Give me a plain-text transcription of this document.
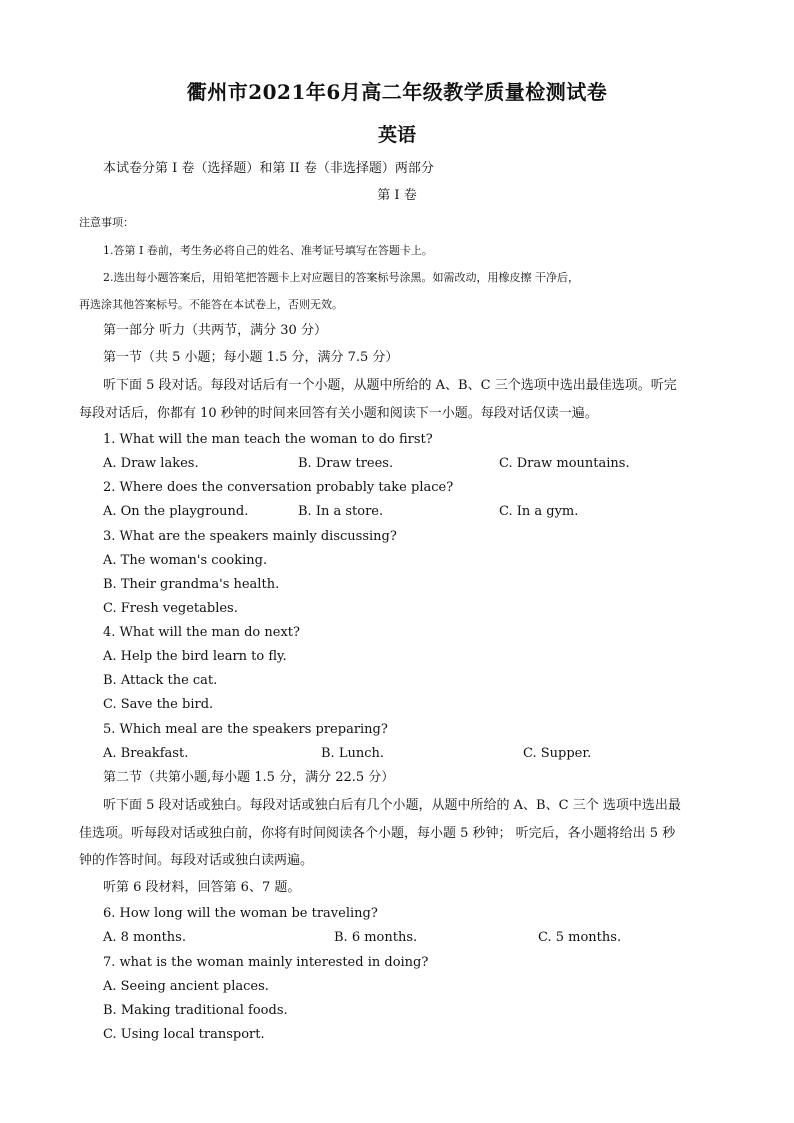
衢州市2021年6月高二年级教学质量检测试卷
英语
本试卷分第 I 卷（选择题）和第 II 卷（非选择题）两部分
第 I 卷
注意事项：
1.答第 I 卷前，考生务必将自己的姓名、准考证号填写在答题卡上。
2.选出每小题答案后，用铅笔把答题卡上对应题目的答案标号涂黑。如需改动，用橡皮擦 干净后，
再选涂其他答案标号。不能答在本试卷上，否则无效。
第一部分 听力（共两节，满分 30 分）
第一节（共 5 小题；每小题 1.5 分，满分 7.5 分）
听下面 5 段对话。每段对话后有一个小题，从题中所给的 A、B、C 三个选项中选出最佳选项。听完
每段对话后，你都有 10 秒钟的时间来回答有关小题和阅读下一小题。每段对话仅读一遍。
1. What will the man teach the woman to do first?
A. Draw lakes.	B. Draw trees.	C. Draw mountains.
2. Where does the conversation probably take place?
A. On the playground.	B. In a store.	C. In a gym.
3. What are the speakers mainly discussing?
A. The woman's cooking.
B. Their grandma's health.
C. Fresh vegetables.
4. What will the man do next?
A. Help the bird learn to fly.
B. Attack the cat.
C. Save the bird.
5. Which meal are the speakers preparing?
A. Breakfast.	B. Lunch.	C. Supper.
第二节（共第小题,每小题 1.5 分，满分 22.5 分）
听下面 5 段对话或独白。每段对话或独白后有几个小题，从题中所给的 A、B、C 三个 选项中选出最
佳选项。听每段对话或独白前，你将有时间阅读各个小题，每小题 5 秒钟； 听完后，各小题将给出 5 秒
钟的作答时间。每段对话或独白读两遍。
听第 6 段材料，回答第 6、7 题。
6. How long will the woman be traveling?
A. 8 months.	B. 6 months.	C. 5 months.
7. what is the woman mainly interested in doing?
A. Seeing ancient places.
B. Making traditional foods.
C. Using local transport.
